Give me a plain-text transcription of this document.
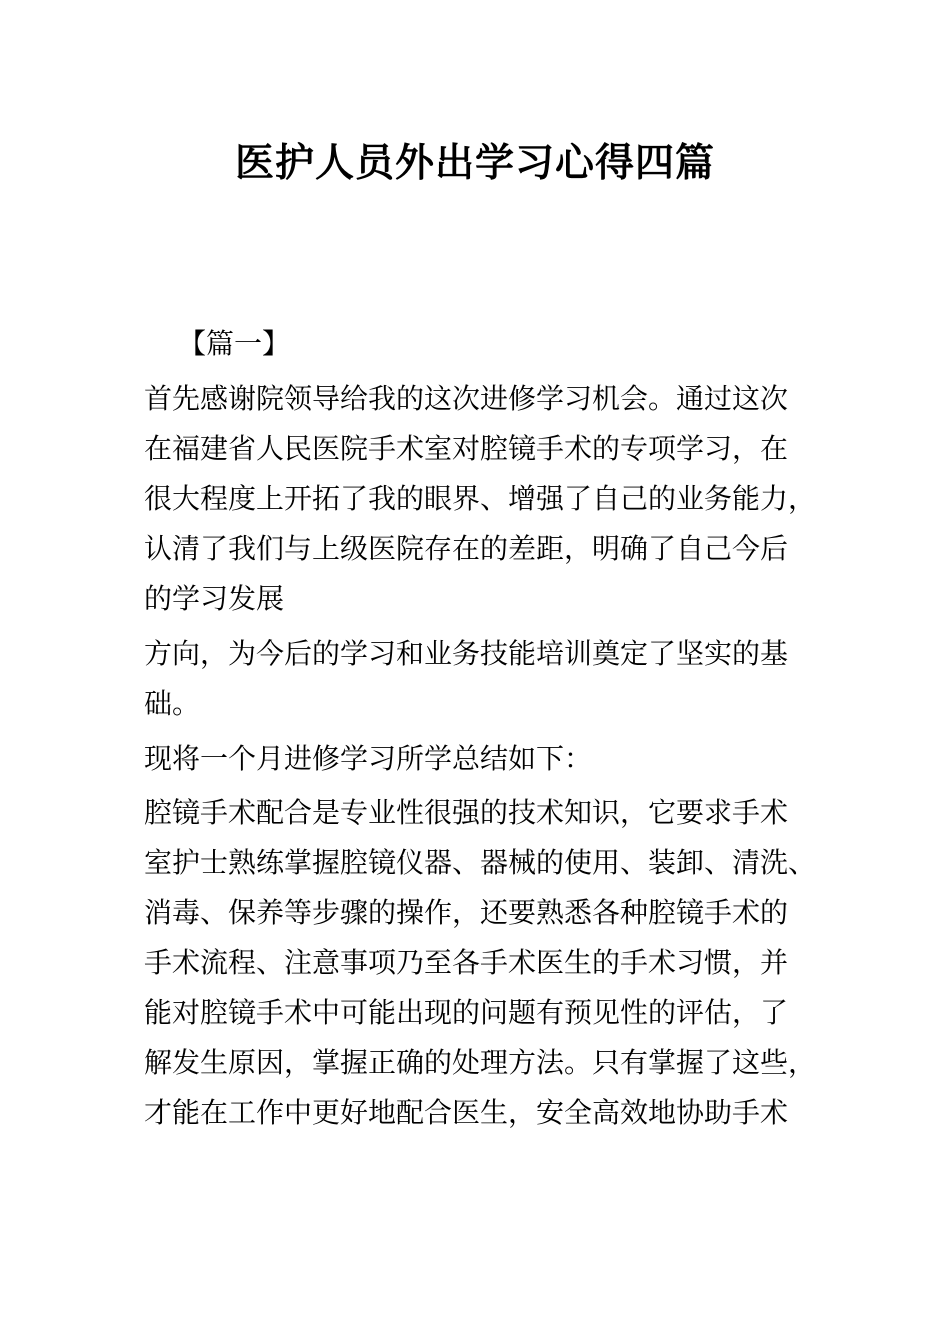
医护人员外出学习心得四篇

【篇一】

首先感谢院领导给我的这次进修学习机会。通过这次
在福建省人民医院手术室对腔镜手术的专项学习，在
很大程度上开拓了我的眼界、增强了自己的业务能力，
认清了我们与上级医院存在的差距，明确了自己今后
的学习发展

方向，为今后的学习和业务技能培训奠定了坚实的基
础。

现将一个月进修学习所学总结如下：

腔镜手术配合是专业性很强的技术知识，它要求手术
室护士熟练掌握腔镜仪器、器械的使用、装卸、清洗、
消毒、保养等步骤的操作，还要熟悉各种腔镜手术的
手术流程、注意事项乃至各手术医生的手术习惯，并
能对腔镜手术中可能出现的问题有预见性的评估，了
解发生原因，掌握正确的处理方法。只有掌握了这些，
才能在工作中更好地配合医生，安全高效地协助手术
